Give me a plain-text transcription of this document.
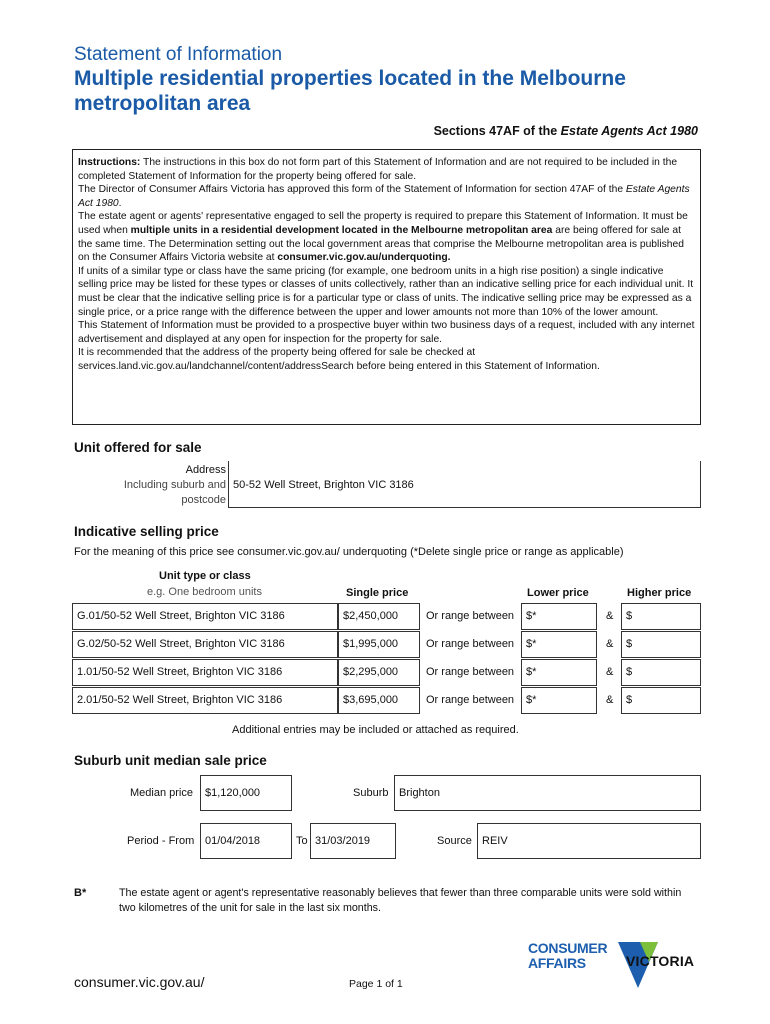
Statement of Information
Multiple residential properties located in the Melbourne metropolitan area
Sections 47AF of the Estate Agents Act 1980

Instructions: The instructions in this box do not form part of this Statement of Information and are not required to be included in the completed Statement of Information for the property being offered for sale.

The Director of Consumer Affairs Victoria has approved this form of the Statement of Information for section 47AF of the Estate Agents Act 1980.

The estate agent or agents' representative engaged to sell the property is required to prepare this Statement of Information. It must be used when multiple units in a residential development located in the Melbourne metropolitan area are being offered for sale at the same time. The Determination setting out the local government areas that comprise the Melbourne metropolitan area is published on the Consumer Affairs Victoria website at consumer.vic.gov.au/underquoting.

If units of a similar type or class have the same pricing (for example, one bedroom units in a high rise position) a single indicative selling price may be listed for these types or classes of units collectively, rather than an indicative selling price for each individual unit. It must be clear that the indicative selling price is for a particular type or class of units. The indicative selling price may be expressed as a single price, or a price range with the difference between the upper and lower amounts not more than 10% of the lower amount.

This Statement of Information must be provided to a prospective buyer within two business days of a request, included with any internet advertisement and displayed at any open for inspection for the property for sale.

It is recommended that the address of the property being offered for sale be checked at services.land.vic.gov.au/landchannel/content/addressSearch before being entered in this Statement of Information.

Unit offered for sale
Address
Including suburb and
postcode
50-52 Well Street, Brighton VIC 3186
Indicative selling price
For the meaning of this price see consumer.vic.gov.au/ underquoting (*Delete single price or range as applicable)
Unit type or class
e.g. One bedroom units	Single price	Lower price	Higher price
G.01/50-52 Well Street, Brighton VIC 3186	$2,450,000	Or range between	$*	&	$
G.02/50-52 Well Street, Brighton VIC 3186	$1,995,000	Or range between	$*	&	$
1.01/50-52 Well Street, Brighton VIC 3186	$2,295,000	Or range between	$*	&	$
2.01/50-52 Well Street, Brighton VIC 3186	$3,695,000	Or range between	$*	&	$
Additional entries may be included or attached as required.
Suburb unit median sale price
Median price	$1,120,000	Suburb Brighton
Period - From 01/04/2018	To 31/03/2019	Source REIV
B*	The estate agent or agent's representative reasonably believes that fewer than three comparable units were sold within two kilometres of the unit for sale in the last six months.
consumer.vic.gov.au/	Page 1 of 1
CONSUMER
AFFAIRS	VICTORIA
